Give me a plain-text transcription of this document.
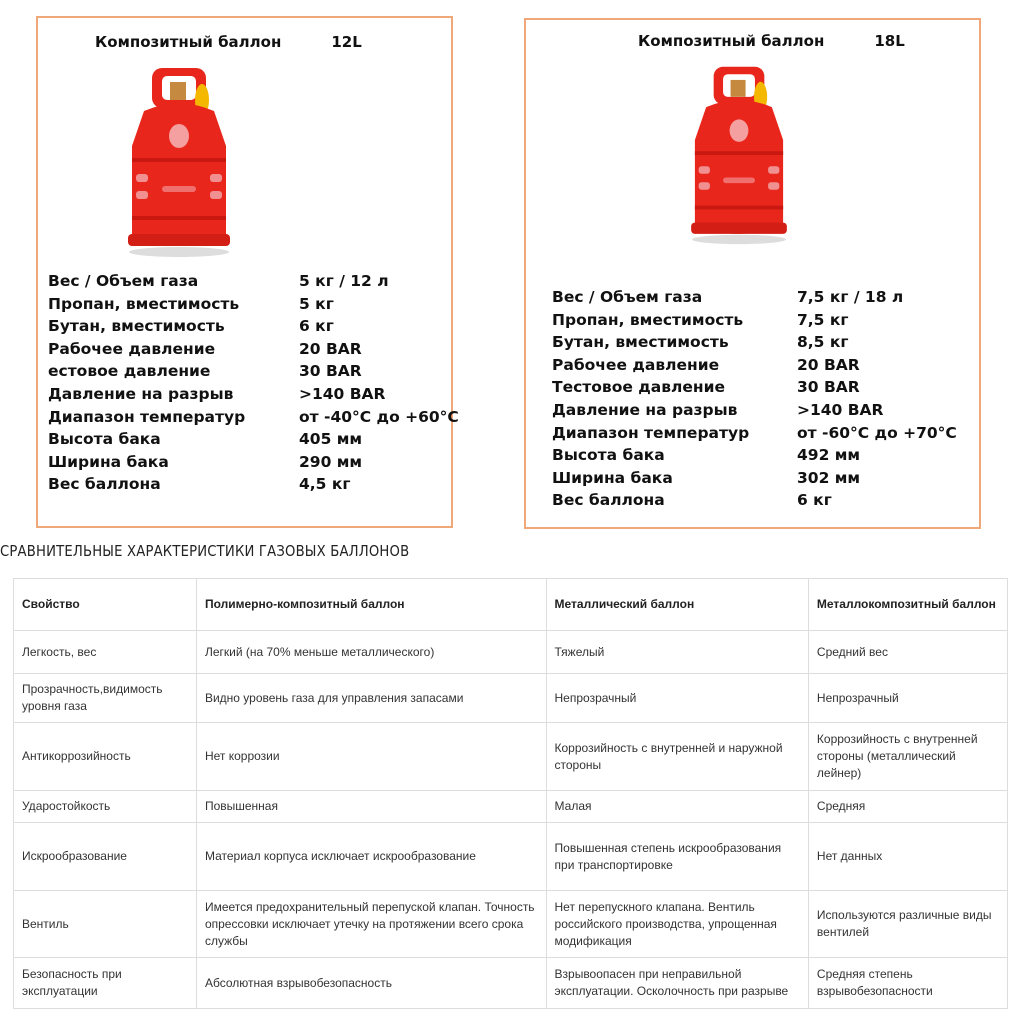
Композитный баллон	12L
Вес / Объем газа	5 кг / 12 л
Пропан, вместимость	5 кг
Бутан, вместимость	6 кг
Рабочее давление	20 BAR
естовое давление	30 BAR
Давление на разрыв	>140 BAR
Диапазон температур	от -40°C до +60°C
Высота бака	405 мм
Ширина бака	290 мм
Вес баллона	4,5 кг
Композитный баллон	18L
Вес / Объем газа	7,5 кг / 18 л
Пропан, вместимость	7,5 кг
Бутан, вместимость	8,5 кг
Рабочее давление	20 BAR
Тестовое давление	30 BAR
Давление на разрыв	>140 BAR
Диапазон температур	от -60°C до +70°C
Высота бака	492 мм
Ширина бака	302 мм
Вес баллона	6 кг
СРАВНИТЕЛЬНЫЕ ХАРАКТЕРИСТИКИ ГАЗОВЫХ БАЛЛОНОВ
Свойство	Полимерно-композитный баллон	Металлический баллон	Металлокомпозитный баллон
Легкость, вес	Легкий (на 70% меньше металлического)	Тяжелый	Средний вес
Прозрачность,видимость уровня газа	Видно уровень газа для управления запасами	Непрозрачный	Непрозрачный
Антикоррозийность	Нет коррозии	Коррозийность с внутренней и наружной стороны	Коррозийность с внутренней стороны (металлический лейнер)
Ударостойкость	Повышенная	Малая	Средняя
Искрообразование	Материал корпуса исключает искрообразование	Повышенная степень искрообразования при транспортировке	Нет данных
Вентиль	Имеется предохранительный перепуской клапан. Точность опрессовки исключает утечку на протяжении всего срока службы	Нет перепускного клапана. Вентиль российского производства, упрощенная модификация	Используются различные виды вентилей
Безопасность при эксплуатации	Абсолютная взрывобезопасность	Взрывоопасен при неправильной эксплуатации. Осколочность при разрыве	Средняя степень взрывобезопасности
